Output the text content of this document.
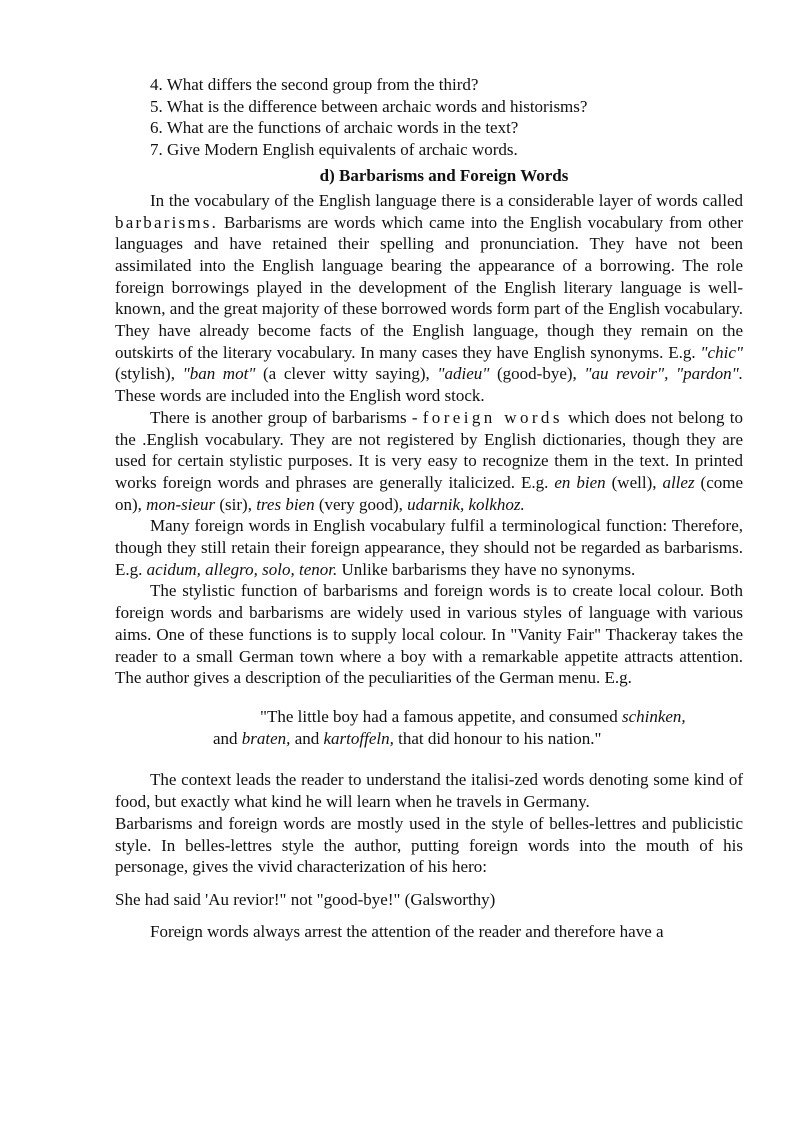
4. What differs the second group from the third?
5. What is the difference between archaic words and historisms?
6. What are the functions of archaic words in the text?
7. Give Modern English equivalents of archaic words.
d) Barbarisms and Foreign Words

In the vocabulary of the English language there is a considerable layer of words called barbarisms. Barbarisms are words which came into the English vocabulary from other languages and have retained their spelling and pronunciation. They have not been assimilated into the English language bearing the appearance of a borrowing. The role foreign borrowings played in the development of the English literary language is well-known, and the great majority of these borrowed words form part of the English vocabulary. They have already become facts of the English language, though they remain on the outskirts of the literary vocabulary. In many cases they have English synonyms. E.g. "chic" (stylish), "ban mot" (a clever witty saying), "adieu" (good-bye), "au revoir", "pardon". These words are included into the English word stock.

There is another group of barbarisms - foreign words which does not belong to the .English vocabulary. They are not registered by English dictionaries, though they are used for certain stylistic purposes. It is very easy to recognize them in the text. In printed works foreign words and phrases are generally italicized. E.g. en bien (well), allez (come on), mon-sieur (sir), tres bien (very good), udarnik, kolkhoz.

Many foreign words in English vocabulary fulfil a terminological function: Therefore, though they still retain their foreign appearance, they should not be regarded as barbarisms. E.g. acidum, allegro, solo, tenor. Unlike barbarisms they have no synonyms.

The stylistic function of barbarisms and foreign words is to create local colour. Both foreign words and barbarisms are widely used in various styles of language with various aims. One of these functions is to supply local colour. In "Vanity Fair" Thackeray takes the reader to a small German town where a boy with a remarkable appetite attracts attention. The author gives a description of the peculiarities of the German menu. E.g.

"The little boy had a famous appetite, and consumed schinken,
and braten, and kartoffeln, that did honour to his nation."

The context leads the reader to understand the italisi-zed words denoting some kind of food, but exactly what kind he will learn when he travels in Germany.

Barbarisms and foreign words are mostly used in the style of belles-lettres and publicistic style. In belles-lettres style the author, putting foreign words into the mouth of his personage, gives the vivid characterization of his hero:

She had said 'Au revior!" not "good-bye!" (Galsworthy)

Foreign words always arrest the attention of the reader and therefore have a
